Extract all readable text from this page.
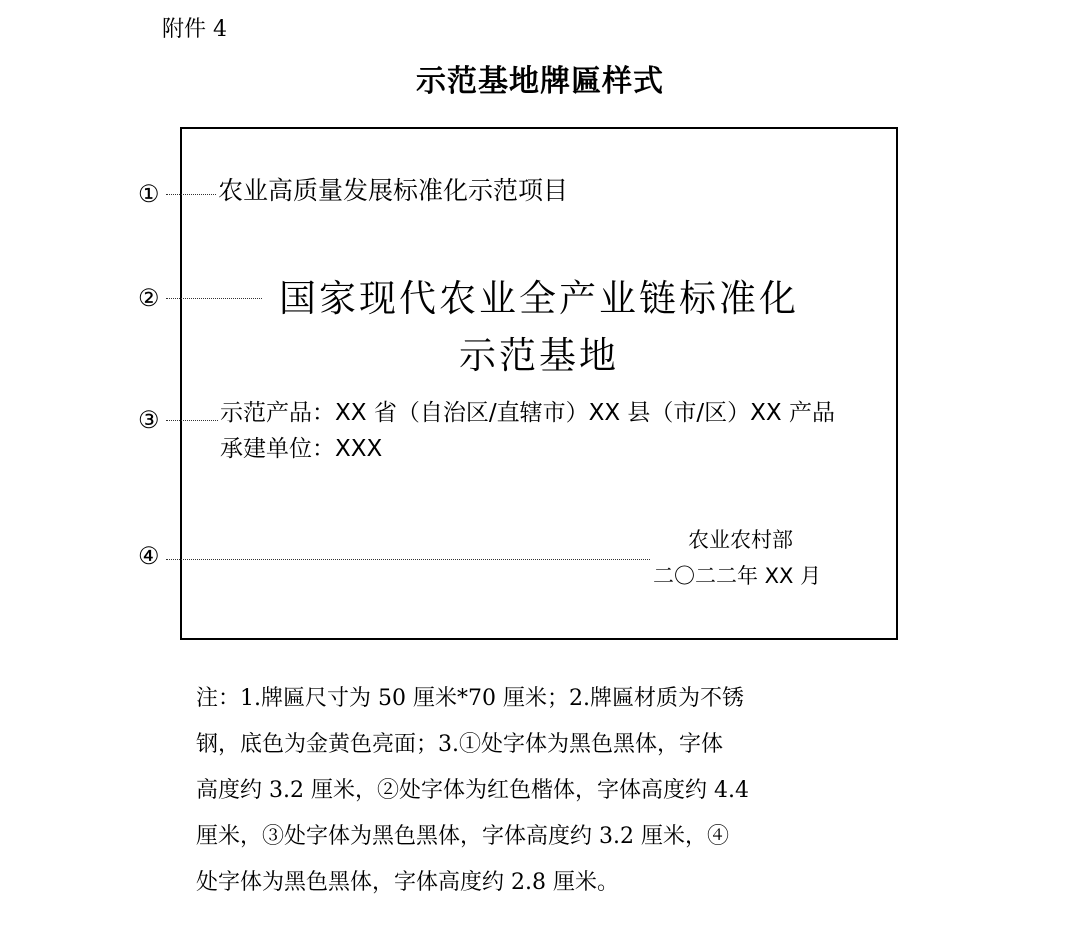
附件 4
示范基地牌匾样式
①
②
③
④
农业高质量发展标准化示范项目
国家现代农业全产业链标准化
示范基地
示范产品：XX 省（自治区/直辖市）XX 县（市/区）XX 产品
承建单位：XXX
农业农村部
二〇二二年 XX 月
注：1.牌匾尺寸为 50 厘米*70 厘米；2.牌匾材质为不锈
钢，底色为金黄色亮面；3.①处字体为黑色黑体，字体
高度约 3.2 厘米，②处字体为红色楷体，字体高度约 4.4
厘米，③处字体为黑色黑体，字体高度约 3.2 厘米，④
处字体为黑色黑体，字体高度约 2.8 厘米。
